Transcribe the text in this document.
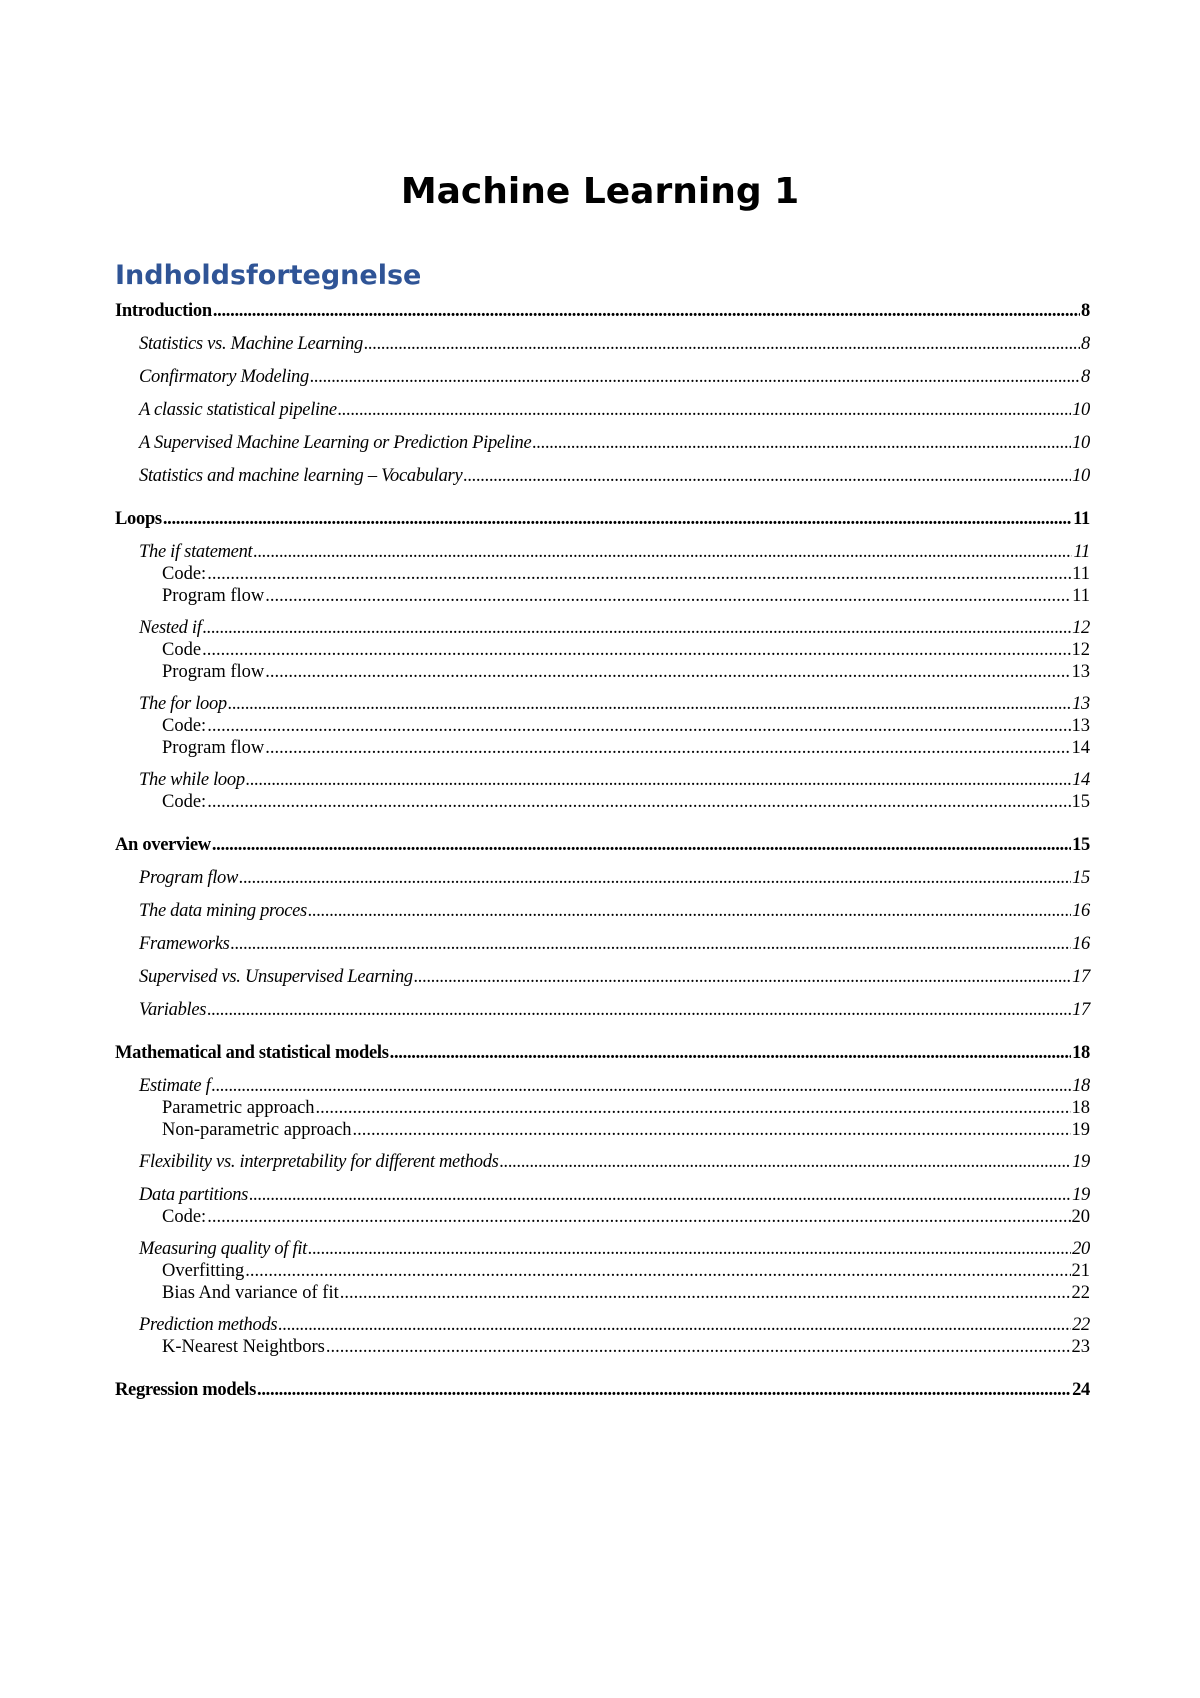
Machine Learning 1
Indholdsfortegnelse
Introduction .....	8
Statistics vs. Machine Learning .....	8
Confirmatory Modeling .....	8
A classic statistical pipeline .....	10
A Supervised Machine Learning or Prediction Pipeline .....	10
Statistics and machine learning – Vocabulary .....	10
Loops .....	11
The if statement .....	11
Code: .....	11
Program flow .....	11
Nested if .....	12
Code .....	12
Program flow .....	13
The for loop .....	13
Code: .....	13
Program flow .....	14
The while loop .....	14
Code: .....	15
An overview .....	15
Program flow .....	15
The data mining proces .....	16
Frameworks .....	16
Supervised vs. Unsupervised Learning .....	17
Variables .....	17
Mathematical and statistical models .....	18
Estimate f .....	18
Parametric approach .....	18
Non-parametric approach .....	19
Flexibility vs. interpretability for different methods .....	19
Data partitions .....	19
Code: .....	20
Measuring quality of fit .....	20
Overfitting .....	21
Bias And variance of fit .....	22
Prediction methods .....	22
K-Nearest Neightbors .....	23
Regression models .....	24
